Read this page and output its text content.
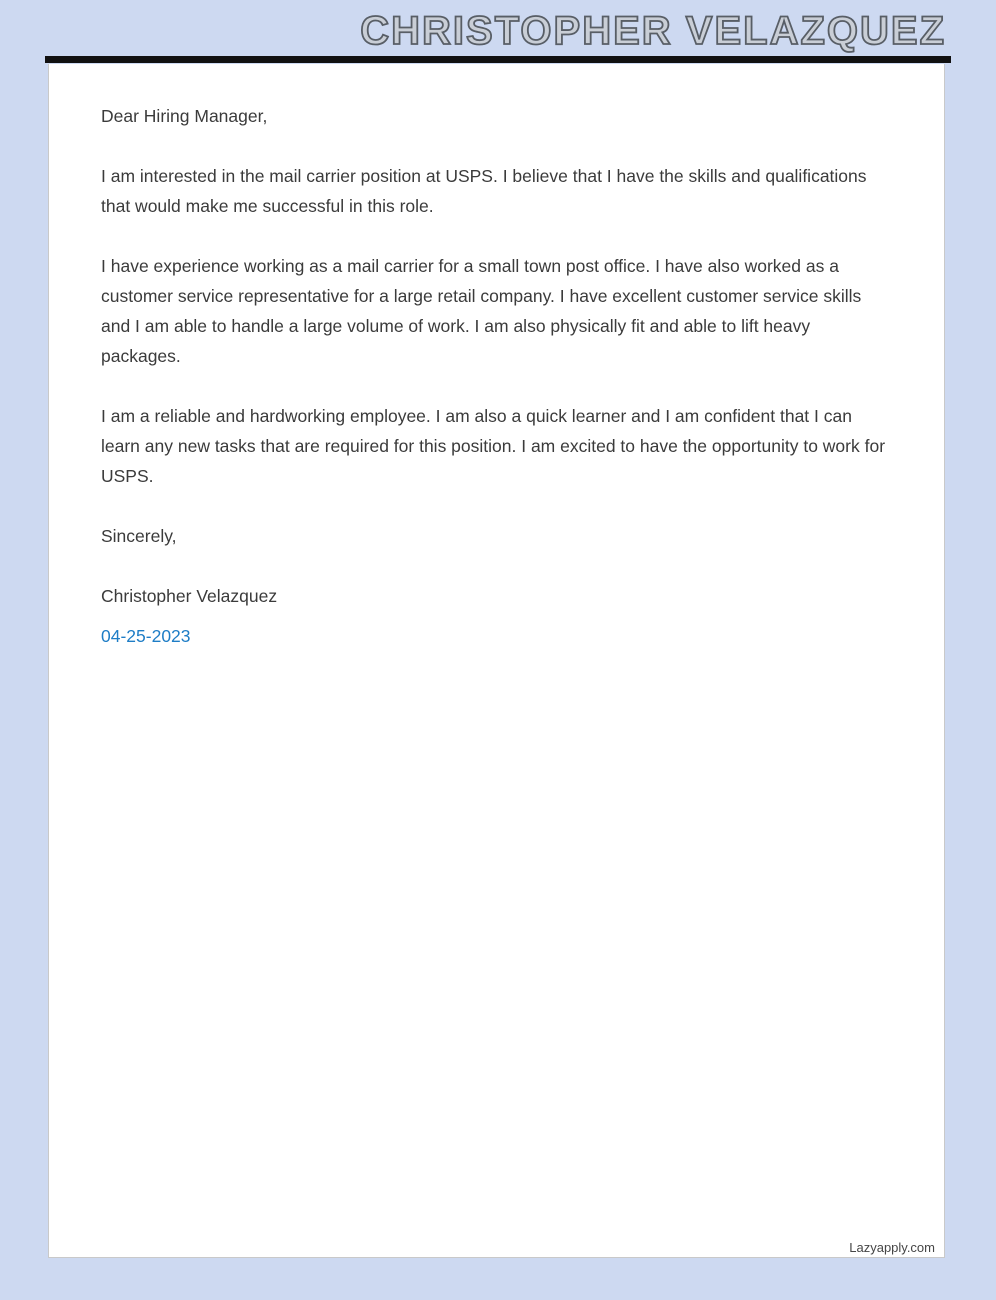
CHRISTOPHER VELAZQUEZ

Dear Hiring Manager,

I am interested in the mail carrier position at USPS. I believe that I have the skills and qualifications that would make me successful in this role.

I have experience working as a mail carrier for a small town post office. I have also worked as a customer service representative for a large retail company. I have excellent customer service skills and I am able to handle a large volume of work. I am also physically fit and able to lift heavy packages.

I am a reliable and hardworking employee. I am also a quick learner and I am confident that I can learn any new tasks that are required for this position. I am excited to have the opportunity to work for USPS.

Sincerely,

Christopher Velazquez

04-25-2023

Lazyapply.com
